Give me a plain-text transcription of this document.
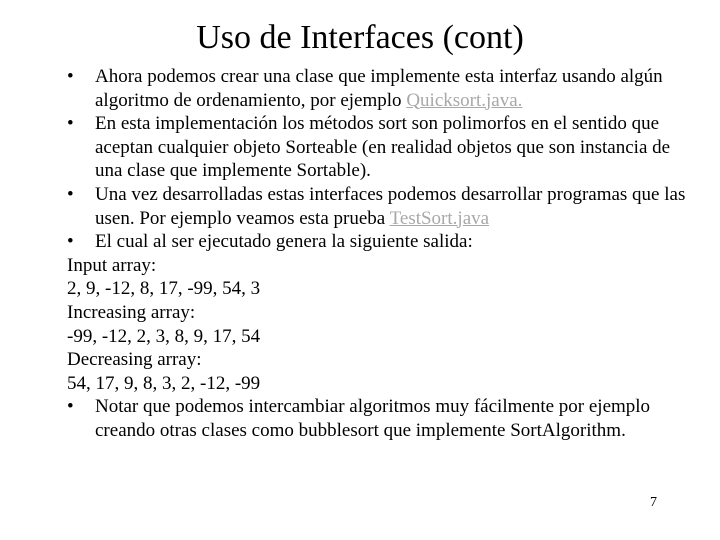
Uso de Interfaces (cont)
•	Ahora podemos crear una clase que implemente esta interfaz usando algún algoritmo de ordenamiento, por ejemplo Quicksort.java.
•	En esta implementación los métodos sort son polimorfos en el sentido que aceptan cualquier objeto Sorteable (en realidad objetos que son instancia de una clase que implemente Sortable).
•	Una vez desarrolladas estas interfaces podemos desarrollar programas que las usen. Por ejemplo veamos esta prueba TestSort.java
•	El cual al ser ejecutado genera la siguiente salida:
Input array:
2, 9, -12, 8, 17, -99, 54, 3
Increasing array:
-99, -12, 2, 3, 8, 9, 17, 54
Decreasing array:
54, 17, 9, 8, 3, 2, -12, -99
•	Notar que podemos intercambiar algoritmos muy fácilmente por ejemplo creando otras clases como bubblesort que implemente SortAlgorithm.
7
